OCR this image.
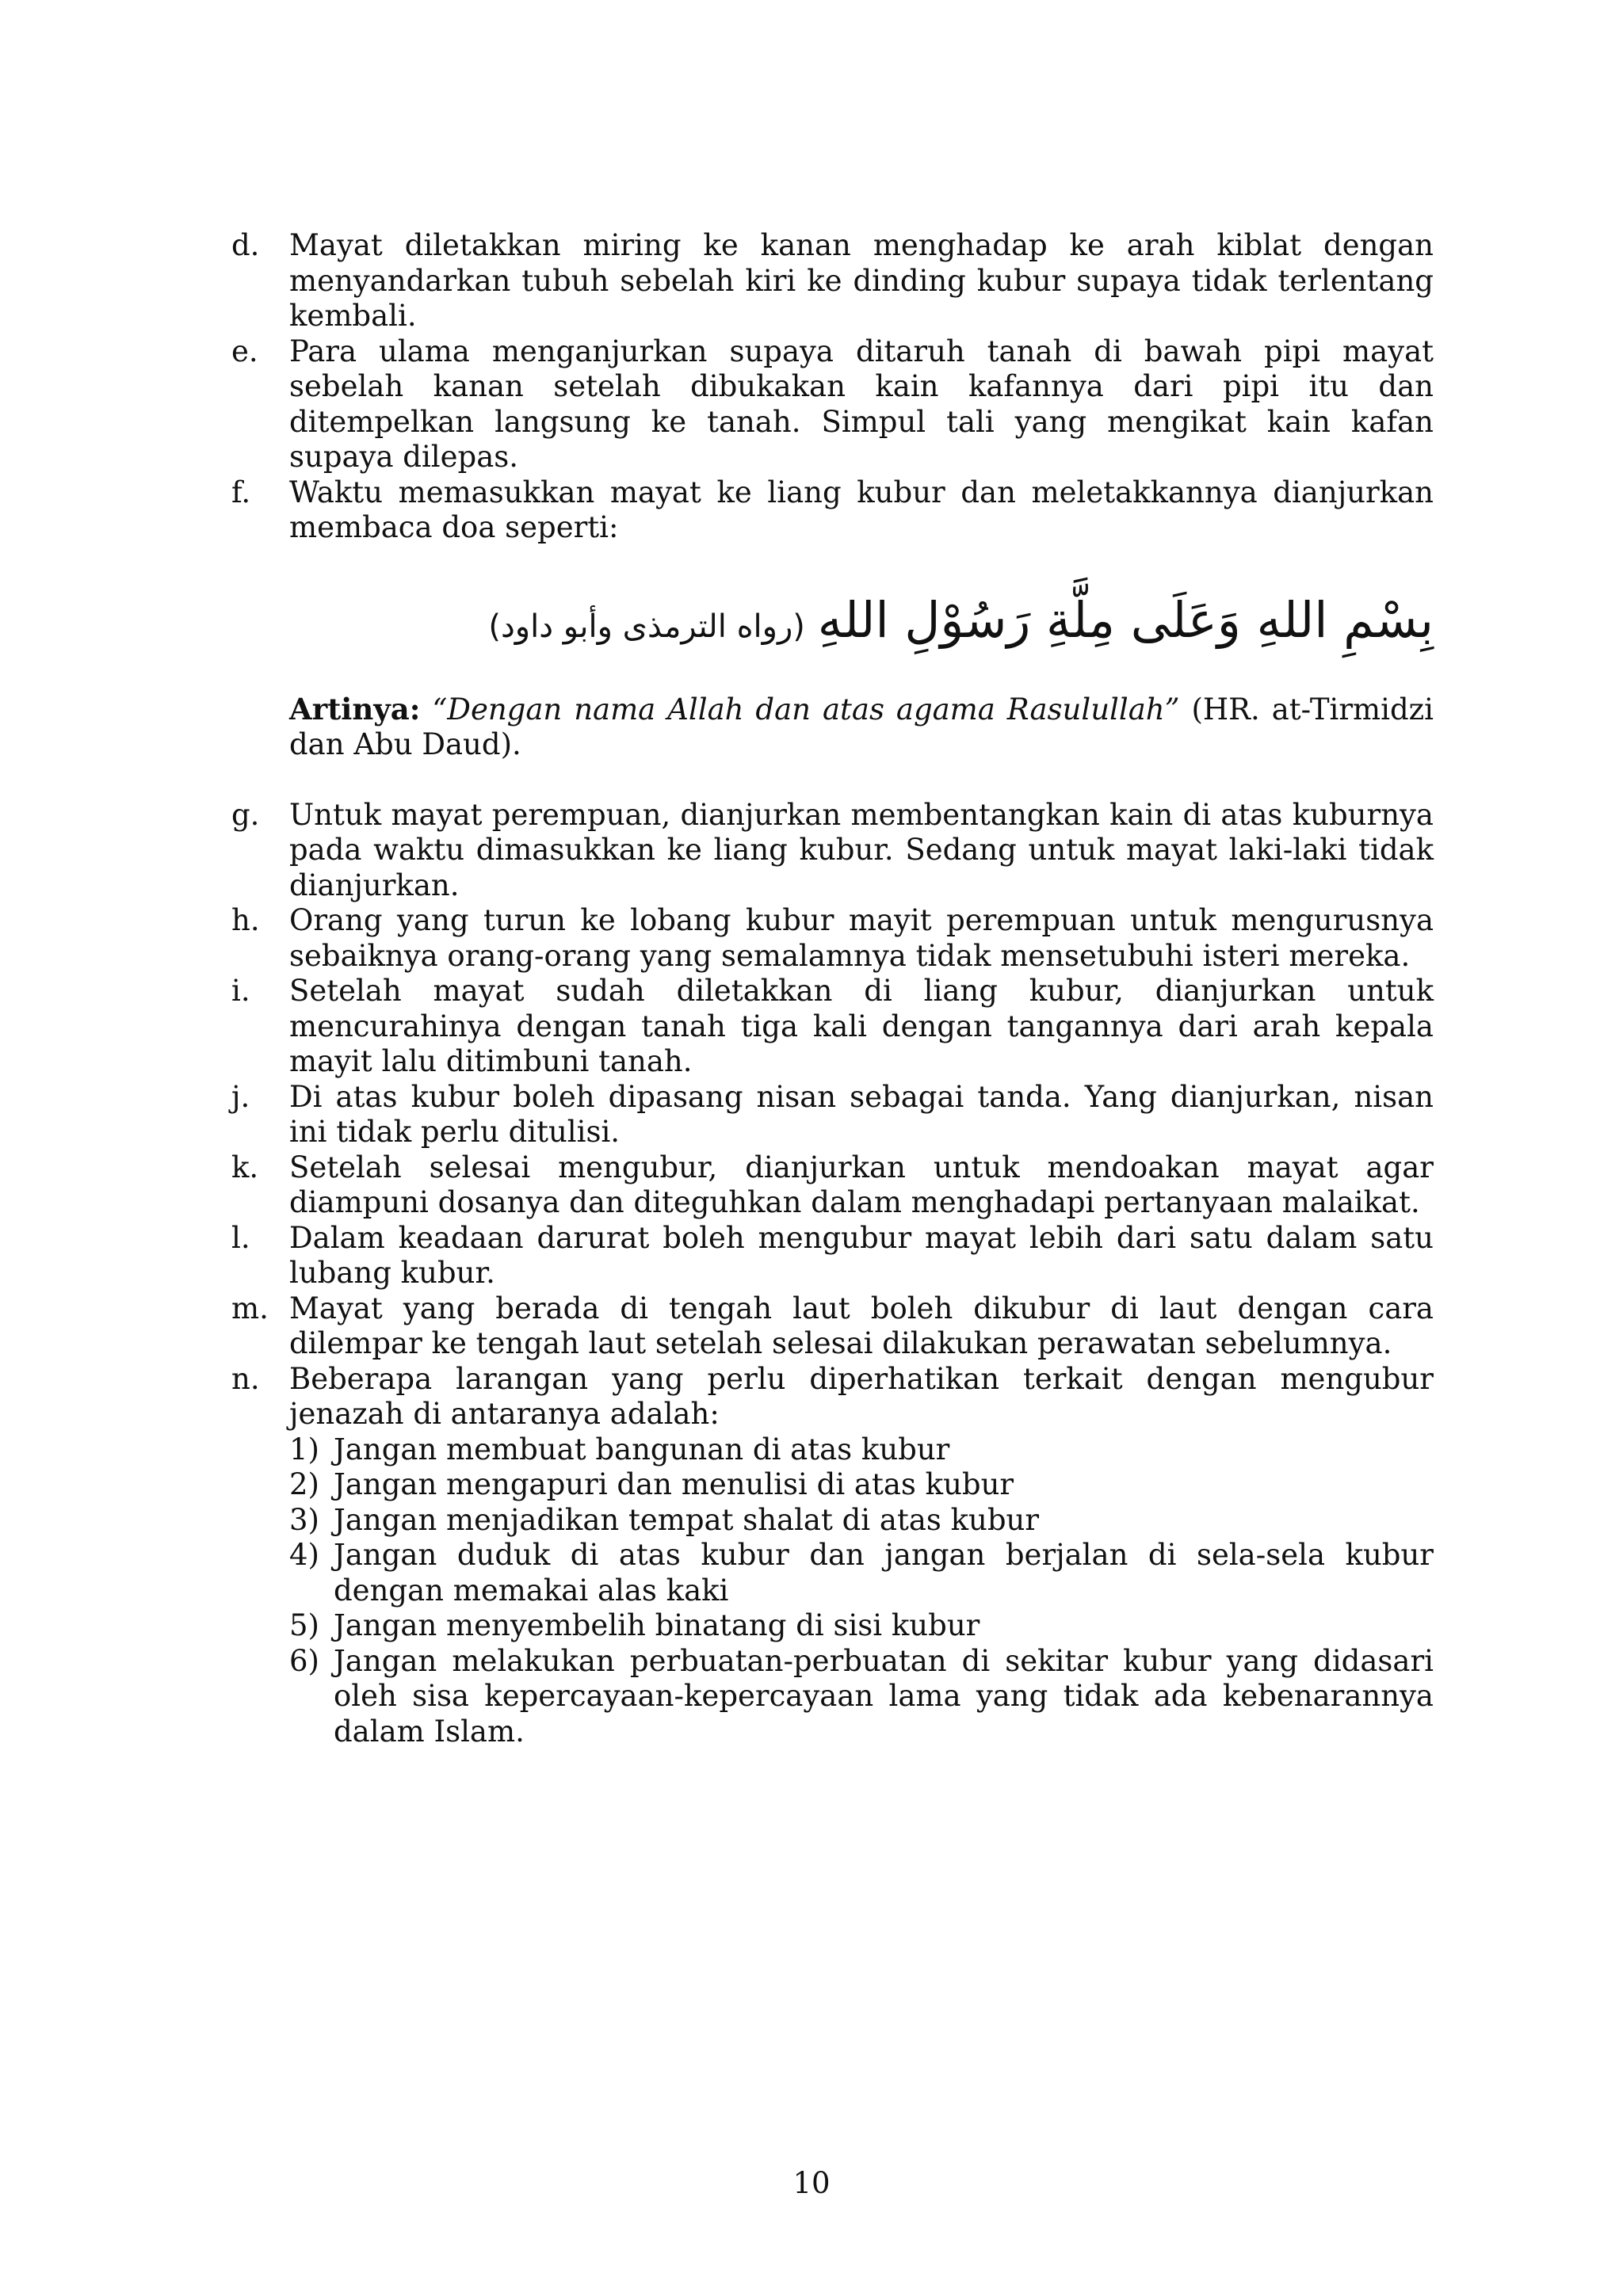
d.	Mayat diletakkan miring ke kanan menghadap ke arah kiblat dengan menyandarkan tubuh sebelah kiri ke dinding kubur supaya tidak terlentang kembali.
e.	Para ulama menganjurkan supaya ditaruh tanah di bawah pipi mayat sebelah kanan setelah dibukakan kain kafannya dari pipi itu dan ditempelkan langsung ke tanah. Simpul tali yang mengikat kain kafan supaya dilepas.
f.	Waktu memasukkan mayat ke liang kubur dan meletakkannya dianjurkan membaca doa seperti:
بِسْمِ اللهِ وَعَلَى مِلَّةِ رَسُوْلِ اللهِ (رواه الترمذى وأبو داود)
Artinya: “Dengan nama Allah dan atas agama Rasulullah” (HR. at-Tirmidzi dan Abu Daud).
g.	Untuk mayat perempuan, dianjurkan membentangkan kain di atas kuburnya pada waktu dimasukkan ke liang kubur. Sedang untuk mayat laki-laki tidak dianjurkan.
h.	Orang yang turun ke lobang kubur mayit perempuan untuk mengurusnya sebaiknya orang-orang yang semalamnya tidak mensetubuhi isteri mereka.
i.	Setelah mayat sudah diletakkan di liang kubur, dianjurkan untuk mencurahinya dengan tanah tiga kali dengan tangannya dari arah kepala mayit lalu ditimbuni tanah.
j.	Di atas kubur boleh dipasang nisan sebagai tanda. Yang dianjurkan, nisan ini tidak perlu ditulisi.
k.	Setelah selesai mengubur, dianjurkan untuk mendoakan mayat agar diampuni dosanya dan diteguhkan dalam menghadapi pertanyaan malaikat.
l.	Dalam keadaan darurat boleh mengubur mayat lebih dari satu dalam satu lubang kubur.
m. Mayat yang berada di tengah laut boleh dikubur di laut dengan cara dilempar ke tengah laut setelah selesai dilakukan perawatan sebelumnya.
n.	Beberapa larangan yang perlu diperhatikan terkait dengan mengubur jenazah di antaranya adalah:
1) Jangan membuat bangunan di atas kubur
2) Jangan mengapuri dan menulisi di atas kubur
3) Jangan menjadikan tempat shalat di atas kubur
4) Jangan duduk di atas kubur dan jangan berjalan di sela-sela kubur dengan memakai alas kaki
5) Jangan menyembelih binatang di sisi kubur
6) Jangan melakukan perbuatan-perbuatan di sekitar kubur yang didasari oleh sisa kepercayaan-kepercayaan lama yang tidak ada kebenarannya dalam Islam.
10
